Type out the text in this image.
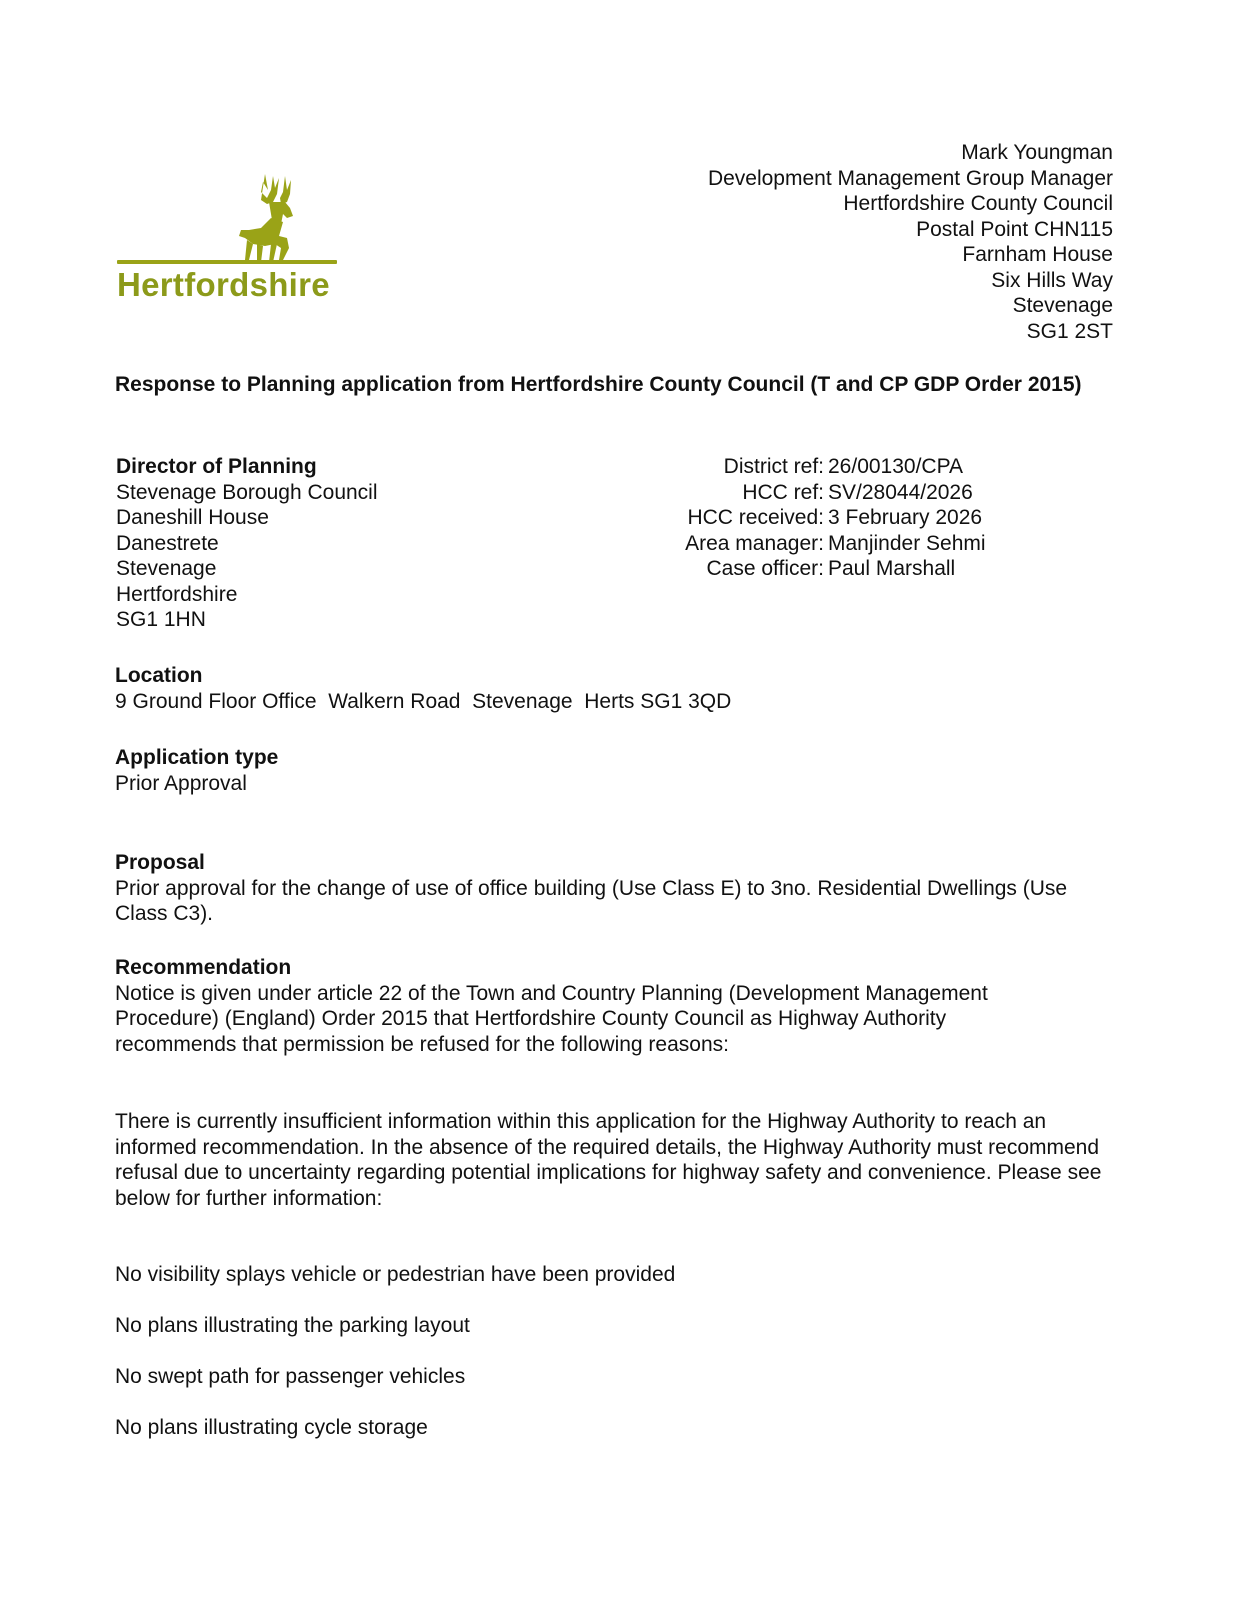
Hertfordshire
Mark Youngman
Development Management Group Manager
Hertfordshire County Council
Postal Point CHN115
Farnham House
Six Hills Way
Stevenage
SG1 2ST
Response to Planning application from Hertfordshire County Council (T and CP GDP Order 2015)
Director of Planning
Stevenage Borough Council
Daneshill House
Danestrete
Stevenage
Hertfordshire
SG1 1HN
District ref:	26/00130/CPA
HCC ref:	SV/28044/2026
HCC received:	3 February 2026
Area manager:	Manjinder Sehmi
Case officer:	Paul Marshall
Location
9 Ground Floor Office  Walkern Road  Stevenage  Herts SG1 3QD
Application type
Prior Approval
Proposal
Prior approval for the change of use of office building (Use Class E) to 3no. Residential Dwellings (Use Class C3).
Recommendation
Notice is given under article 22 of the Town and Country Planning (Development Management Procedure) (England) Order 2015 that Hertfordshire County Council as Highway Authority recommends that permission be refused for the following reasons:
There is currently insufficient information within this application for the Highway Authority to reach an informed recommendation. In the absence of the required details, the Highway Authority must recommend refusal due to uncertainty regarding potential implications for highway safety and convenience. Please see below for further information:
No visibility splays vehicle or pedestrian have been provided
No plans illustrating the parking layout
No swept path for passenger vehicles
No plans illustrating cycle storage
